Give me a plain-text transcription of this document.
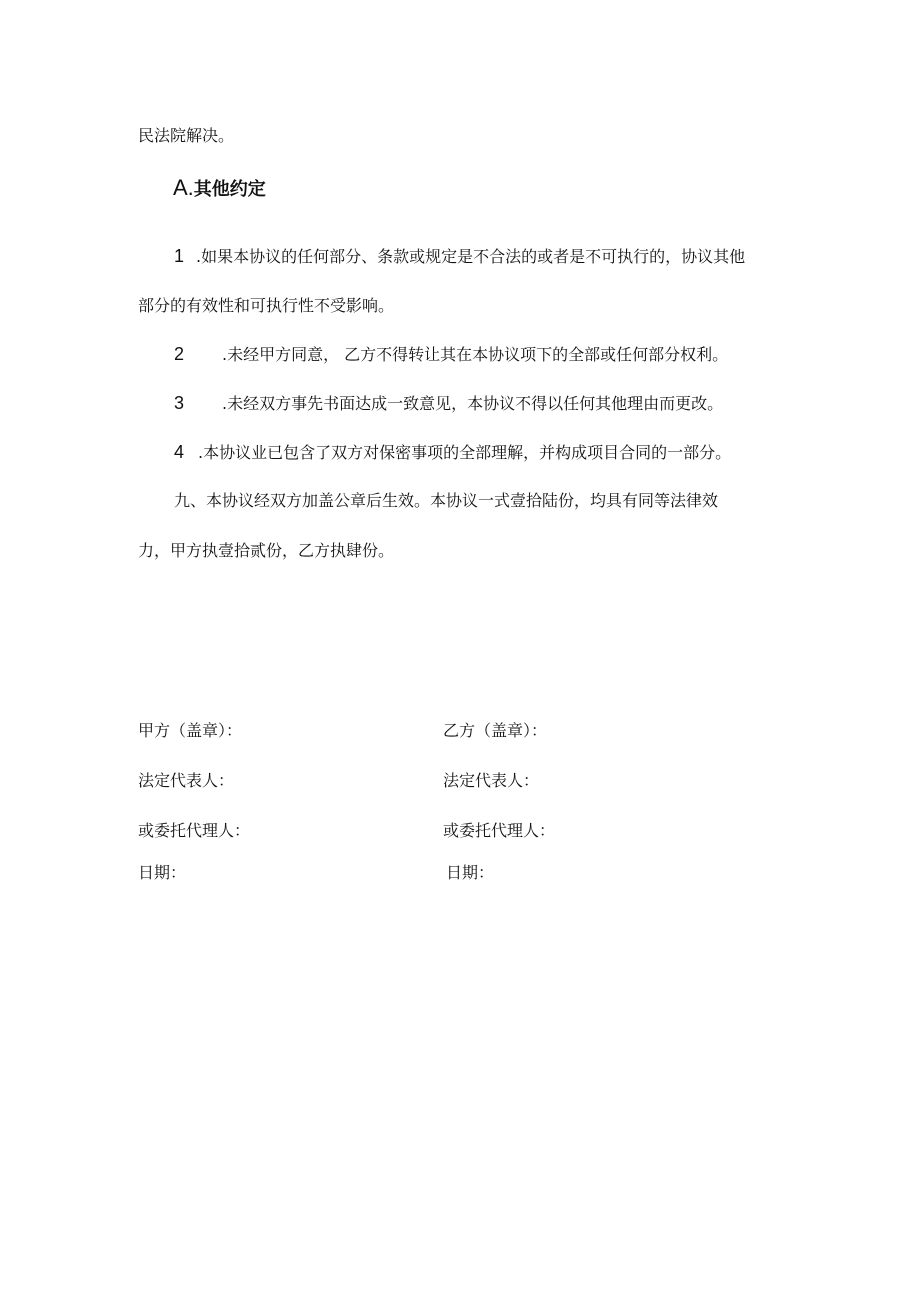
民法院解决。
A.其他约定
1 .如果本协议的任何部分、条款或规定是不合法的或者是不可执行的，协议其他
部分的有效性和可执行性不受影响。
2 .未经甲方同意， 乙方不得转让其在本协议项下的全部或任何部分权利。
3 .未经双方事先书面达成一致意见，本协议不得以任何其他理由而更改。
4 .本协议业已包含了双方对保密事项的全部理解，并构成项目合同的一部分。
九、本协议经双方加盖公章后生效。本协议一式壹拾陆份，均具有同等法律效
力，甲方执壹拾贰份，乙方执肆份。
甲方（盖章）：
法定代表人：
或委托代理人：
日期：
乙方（盖章）：
法定代表人：
或委托代理人：
日期：
